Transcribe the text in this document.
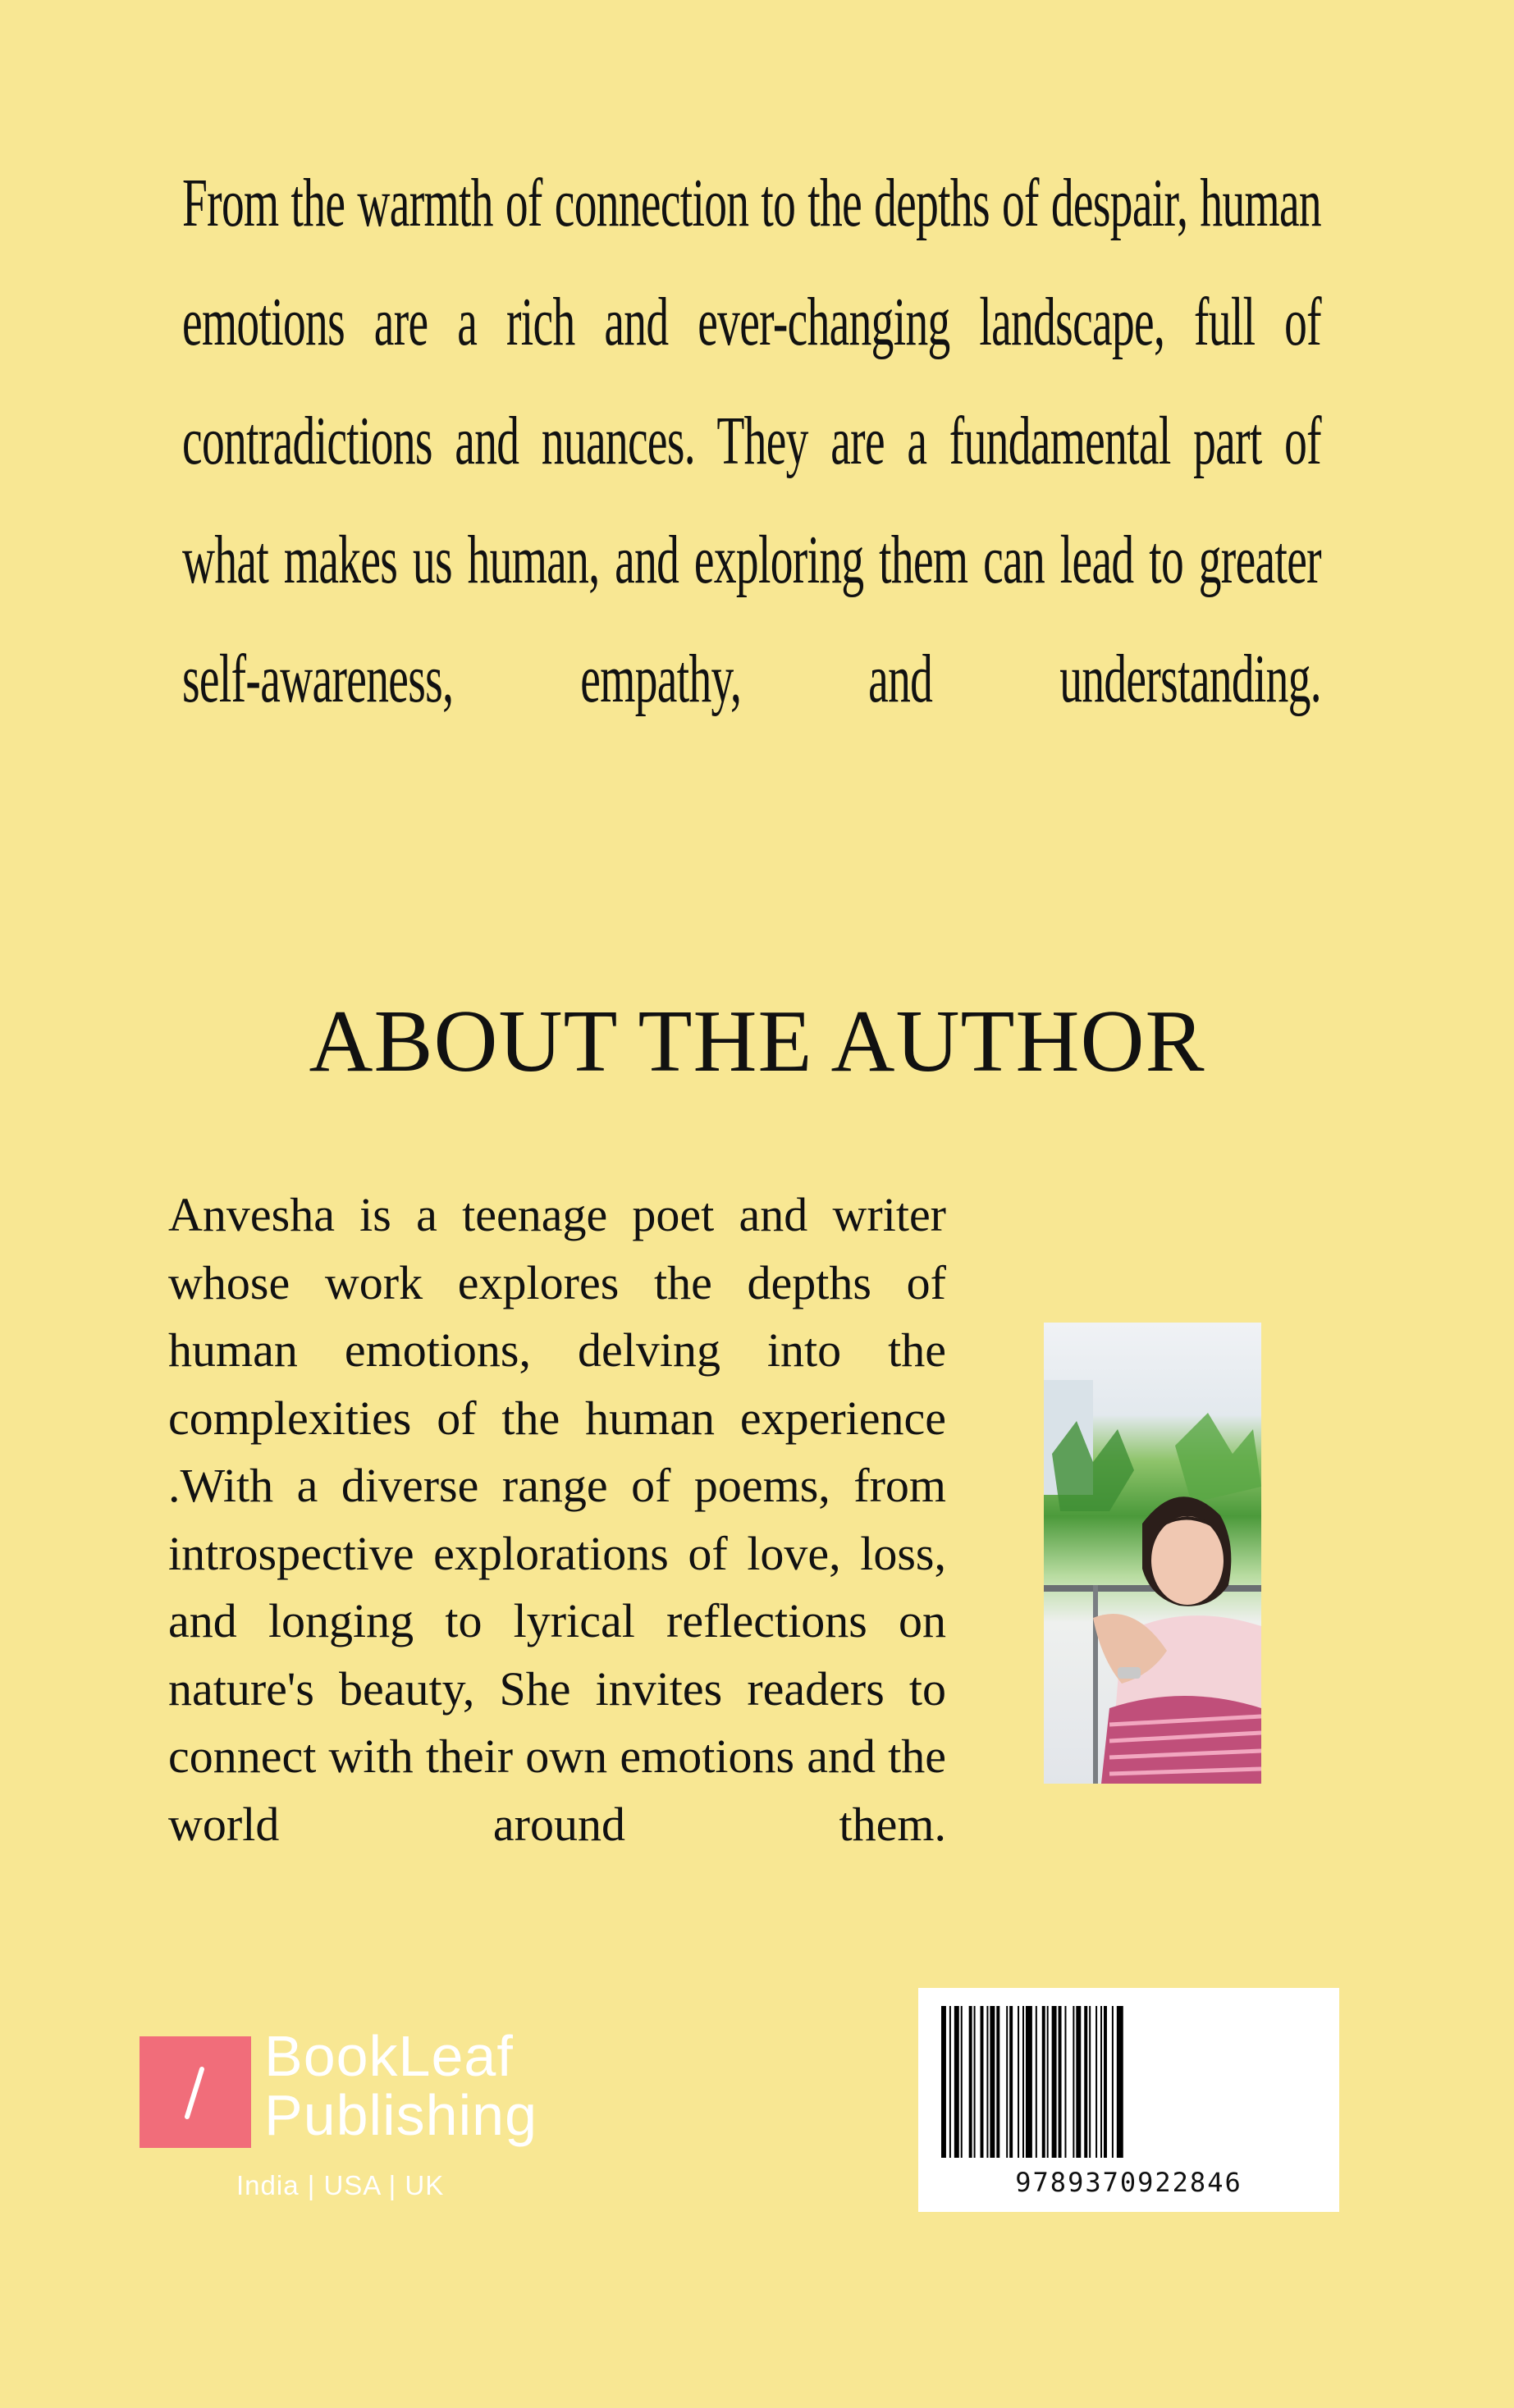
From the warmth of connection to the depths of despair, human emotions are a rich and ever-changing landscape, full of contradictions and nuances. They are a fundamental part of what makes us human, and exploring them can lead to greater self-awareness, empathy, and understanding.
ABOUT THE AUTHOR
Anvesha is a teenage poet and writer whose work explores the depths of human emotions, delving into the complexities of the human experience .With a diverse range of poems, from introspective explorations of love, loss, and longing to lyrical reflections on nature's beauty, She invites readers to connect with their own emotions and the world around them.
9789370922846
BookLeaf
Publishing
India | USA | UK
